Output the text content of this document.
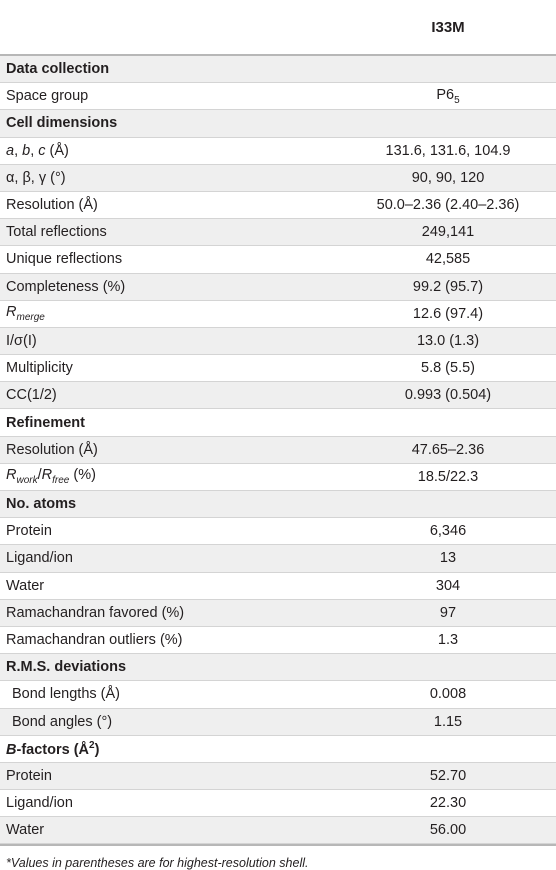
I33M
Data collection
Space group	$P6_5$
Cell dimensions
a, b, c (Å)	131.6, 131.6, 104.9
α, β, γ (°)	90, 90, 120
Resolution (Å)	50.0–2.36 (2.40–2.36)
Total reflections	249,141
Unique reflections	42,585
Completeness (%)	99.2 (95.7)
$R_{merge}$	12.6 (97.4)
I/σ(I)	13.0 (1.3)
Multiplicity	5.8 (5.5)
CC(1/2)	0.993 (0.504)
Refinement
Resolution (Å)	47.65–2.36
$R_{work}/R_{free}$ (%)	18.5/22.3
No. atoms
Protein	6,346
Ligand/ion	13
Water	304
Ramachandran favored (%)	97
Ramachandran outliers (%)	1.3
R.M.S. deviations
Bond lengths (Å)	0.008
Bond angles (°)	1.15
B-factors $(Å^2)$
Protein	52.70
Ligand/ion	22.30
Water	56.00
*Values in parentheses are for highest-resolution shell.
